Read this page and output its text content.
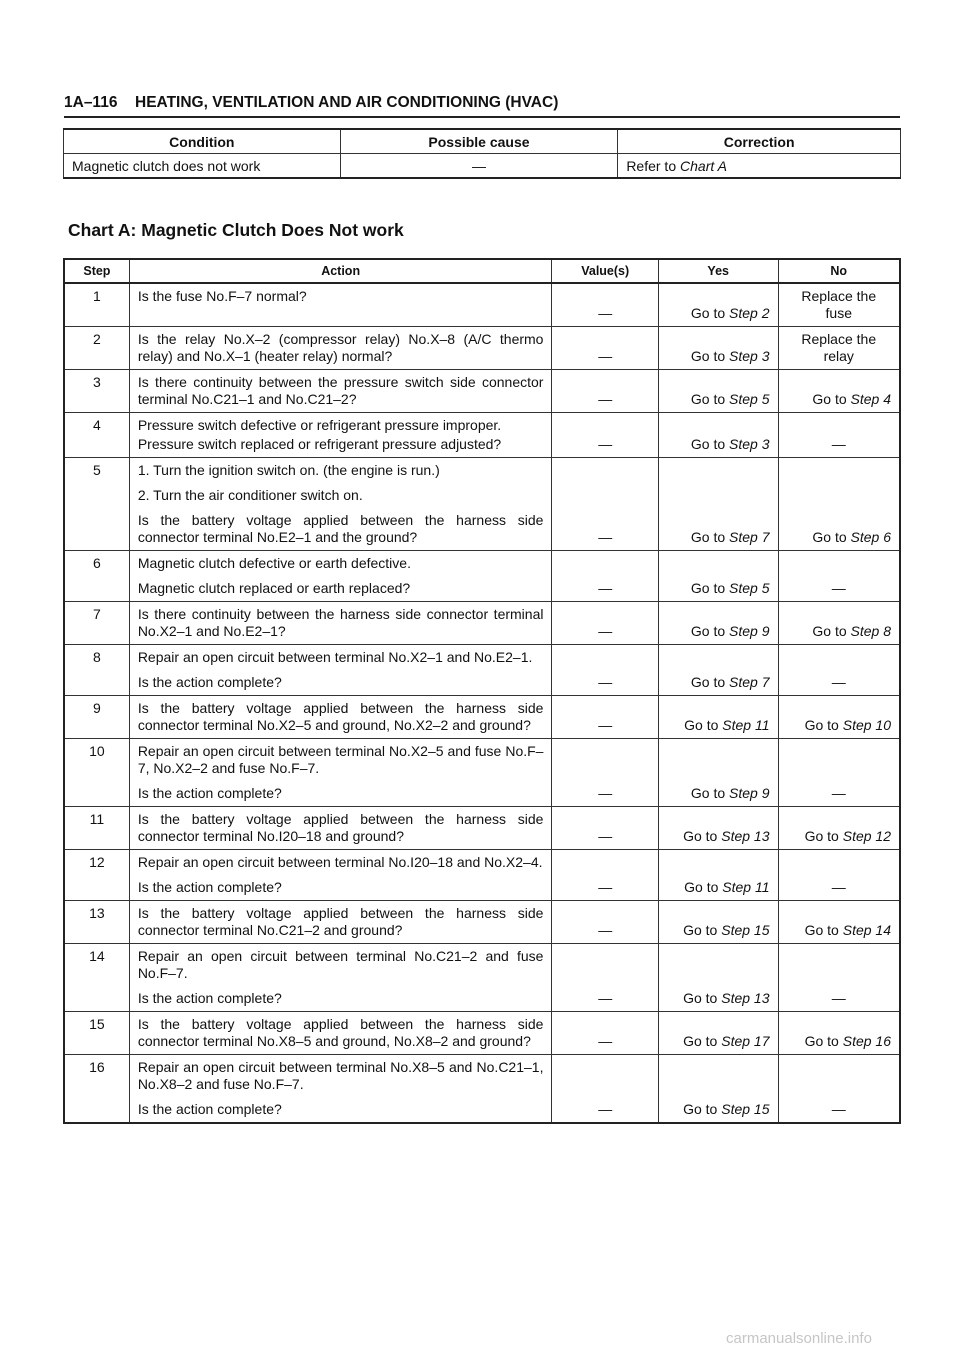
1A–116 HEATING, VENTILATION AND AIR CONDITIONING (HVAC)
Condition	Possible cause	Correction
Magnetic clutch does not work	—	Refer to Chart A
Chart A: Magnetic Clutch Does Not work
Step	Action	Value(s)	Yes	No
1	Is the fuse No.F–7 normal?	—	Go to Step 2	Replace the fuse
2	Is the relay No.X–2 (compressor relay) No.X–8 (A/C thermo relay) and No.X–1 (heater relay) normal?	—	Go to Step 3	Replace the relay
3	Is there continuity between the pressure switch side connector terminal No.C21–1 and No.C21–2?	—	Go to Step 5	Go to Step 4
4	Pressure switch defective or refrigerant pressure improper.
Pressure switch replaced or refrigerant pressure adjusted?	—	Go to Step 3	—
5	1. Turn the ignition switch on. (the engine is run.)
2. Turn the air conditioner switch on.
Is the battery voltage applied between the harness side connector terminal No.E2–1 and the ground?	—	Go to Step 7	Go to Step 6
6	Magnetic clutch defective or earth defective.
Magnetic clutch replaced or earth replaced?	—	Go to Step 5	—
7	Is there continuity between the harness side connector terminal No.X2–1 and No.E2–1?	—	Go to Step 9	Go to Step 8
8	Repair an open circuit between terminal No.X2–1 and No.E2–1.
Is the action complete?	—	Go to Step 7	—
9	Is the battery voltage applied between the harness side connector terminal No.X2–5 and ground, No.X2–2 and ground?	—	Go to Step 11	Go to Step 10
10	Repair an open circuit between terminal No.X2–5 and fuse No.F–7, No.X2–2 and fuse No.F–7.
Is the action complete?	—	Go to Step 9	—
11	Is the battery voltage applied between the harness side connector terminal No.I20–18 and ground?	—	Go to Step 13	Go to Step 12
12	Repair an open circuit between terminal No.I20–18 and No.X2–4.
Is the action complete?	—	Go to Step 11	—
13	Is the battery voltage applied between the harness side connector terminal No.C21–2 and ground?	—	Go to Step 15	Go to Step 14
14	Repair an open circuit between terminal No.C21–2 and fuse No.F–7.
Is the action complete?	—	Go to Step 13	—
15	Is the battery voltage applied between the harness side connector terminal No.X8–5 and ground, No.X8–2 and ground?	—	Go to Step 17	Go to Step 16
16	Repair an open circuit between terminal No.X8–5 and No.C21–1, No.X8–2 and fuse No.F–7.
Is the action complete?	—	Go to Step 15	—
carmanualsonline.info
